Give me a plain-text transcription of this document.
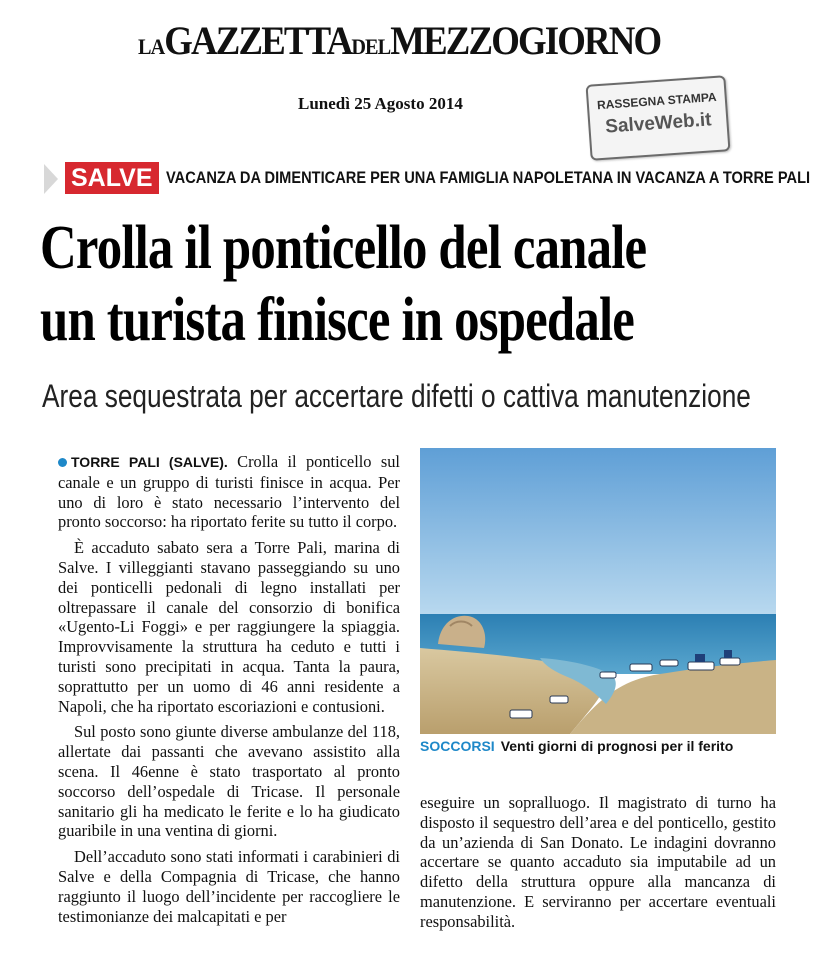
LAGAZZETTADELMEZZOGIORNO
Lunedì 25 Agosto 2014	RASSEGNA STAMPA
SalveWeb.it
SALVE VACANZA DA DIMENTICARE PER UNA FAMIGLIA NAPOLETANA IN VACANZA A TORRE PALI
Crolla il ponticello del canale
un turista finisce in ospedale
Area sequestrata per accertare difetti o cattiva manutenzione

TORRE PALI (SALVE). Crolla il ponticello sul canale e un gruppo di turisti finisce in acqua. Per uno di loro è stato necessario l’intervento del pronto soccorso: ha riportato ferite su tutto il corpo.

È accaduto sabato sera a Torre Pali, marina di Salve. I villeggianti stavano passeggiando su uno dei ponticelli pedonali di legno installati per oltrepassare il canale del consorzio di bonifica «Ugento-Li Foggi» e per raggiungere la spiaggia. Improvvisamente la struttura ha ceduto e tutti i turisti sono precipitati in acqua. Tanta la paura, soprattutto per un uomo di 46 anni residente a Napoli, che ha riportato escoriazioni e contusioni.

Sul posto sono giunte diverse ambulanze del 118, allertate dai passanti che avevano assistito alla scena. Il 46enne è stato trasportato al pronto soccorso dell’ospedale di Tricase. Il personale sanitario gli ha medicato le ferite e lo ha giudicato guaribile in una ventina di giorni.

Dell’accaduto sono stati informati i carabinieri di Salve e della Compagnia di Tricase, che hanno raggiunto il luogo dell’incidente per raccogliere le testimonianze dei malcapitati e per

SOCCORSI Venti giorni di prognosi per il ferito

eseguire un sopralluogo. Il magistrato di turno ha disposto il sequestro dell’area e del ponticello, gestito da un’azienda di San Donato. Le indagini dovranno accertare se quanto accaduto sia imputabile ad un difetto della struttura oppure alla mancanza di manutenzione. E serviranno per accertare eventuali responsabilità.
